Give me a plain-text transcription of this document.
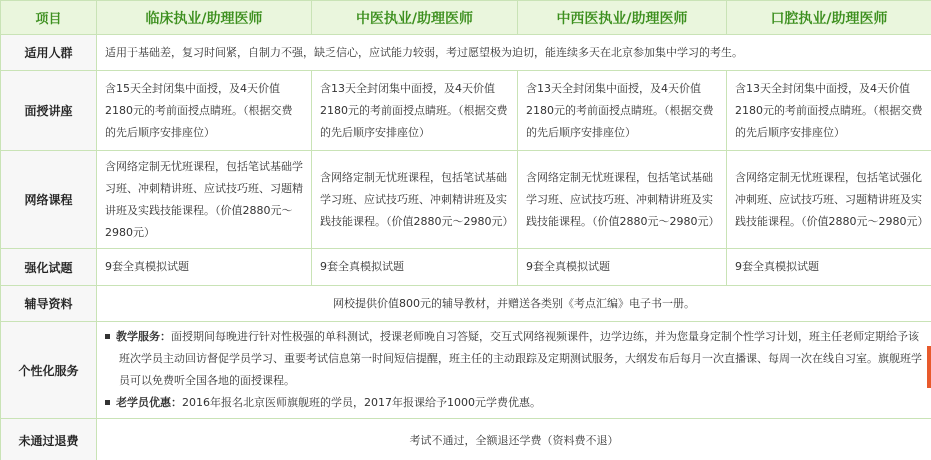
项目	临床执业/助理医师	中医执业/助理医师	中西医执业/助理医师	口腔执业/助理医师
适用人群	适用于基础差，复习时间紧，自制力不强，缺乏信心，应试能力较弱，考过愿望极为迫切，能连续多天在北京参加集中学习的考生。			
面授讲座	含15天全封闭集中面授，及4天价值2180元的考前面授点睛班。（根据交费的先后顺序安排座位）	含13天全封闭集中面授，及4天价值2180元的考前面授点睛班。（根据交费的先后顺序安排座位）	含13天全封闭集中面授，及4天价值2180元的考前面授点睛班。（根据交费的先后顺序安排座位）	含13天全封闭集中面授，及4天价值2180元的考前面授点睛班。（根据交费的先后顺序安排座位）
网络课程	含网络定制无忧班课程，包括笔试基础学习班、冲刺精讲班、应试技巧班、习题精讲班及实践技能课程。（价值2880元～2980元）	含网络定制无忧班课程，包括笔试基础学习班、应试技巧班、冲刺精讲班及实践技能课程。（价值2880元～2980元）	含网络定制无忧班课程，包括笔试基础学习班、应试技巧班、冲刺精讲班及实践技能课程。（价值2880元～2980元）	含网络定制无忧班课程，包括笔试强化冲刺班、应试技巧班、习题精讲班及实践技能课程。（价值2880元～2980元）
强化试题	9套全真模拟试题	9套全真模拟试题	9套全真模拟试题	9套全真模拟试题
辅导资料	网校提供价值800元的辅导教材，并赠送各类别《考点汇编》电子书一册。			
个性化服务	教学服务：面授期间每晚进行针对性极强的单科测试，授课老师晚自习答疑，交互式网络视频课件，边学边练，并为您量身定制个性学习计划，班主任老师定期给予该班次学员主动回访督促学员学习、重要考试信息第一时间短信提醒，班主任的主动跟踪及定期测试服务，大纲发布后每月一次直播课、每周一次在线自习室。旗舰班学员可以免费听全国各地的面授课程。
老学员优惠：2016年报名北京医师旗舰班的学员，2017年报课给予1000元学费优惠。			

未通过退费	考试不通过，全额退还学费（资料费不退）			
